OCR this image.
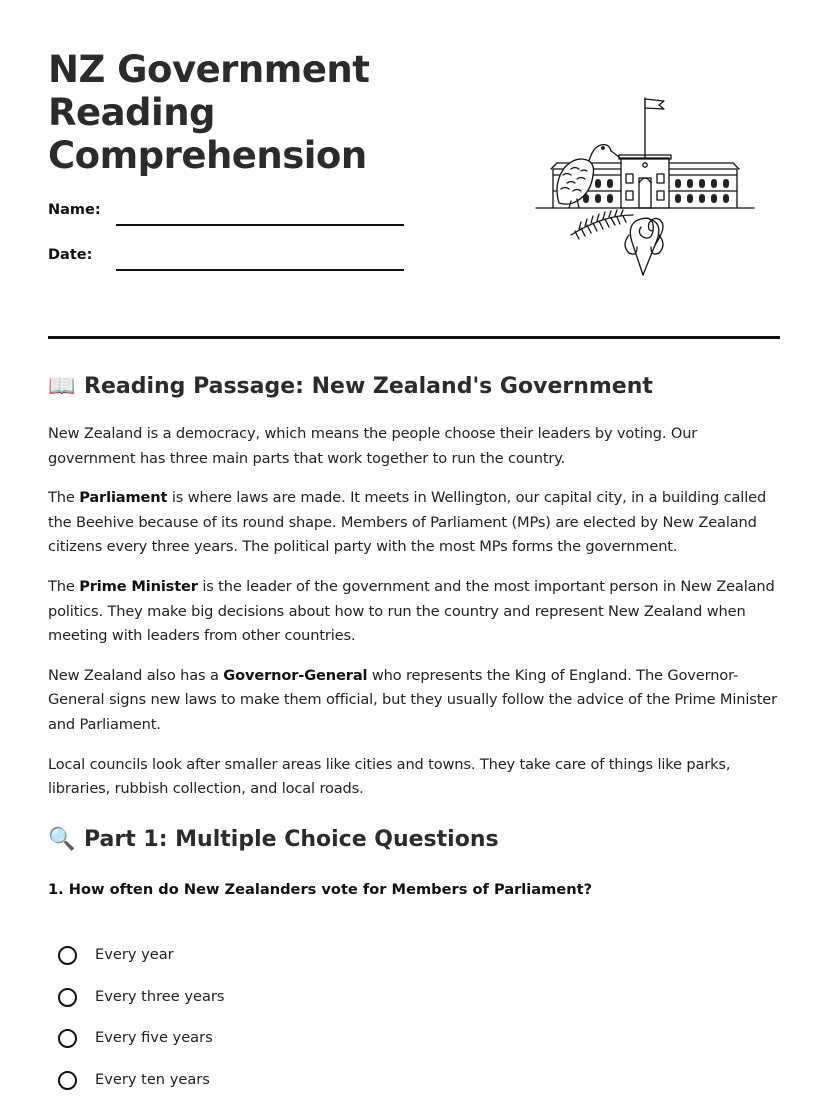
NZ Government Reading Comprehension
Name:
Date:
📖 Reading Passage: New Zealand's Government

New Zealand is a democracy, which means the people choose their leaders by voting. Our government has three main parts that work together to run the country.

The Parliament is where laws are made. It meets in Wellington, our capital city, in a building called the Beehive because of its round shape. Members of Parliament (MPs) are elected by New Zealand citizens every three years. The political party with the most MPs forms the government.

The Prime Minister is the leader of the government and the most important person in New Zealand politics. They make big decisions about how to run the country and represent New Zealand when meeting with leaders from other countries.

New Zealand also has a Governor-General who represents the King of England. The Governor-General signs new laws to make them official, but they usually follow the advice of the Prime Minister and Parliament.

Local councils look after smaller areas like cities and towns. They take care of things like parks, libraries, rubbish collection, and local roads.

🔍 Part 1: Multiple Choice Questions
1. How often do New Zealanders vote for Members of Parliament?
Every year
Every three years
Every five years
Every ten years
